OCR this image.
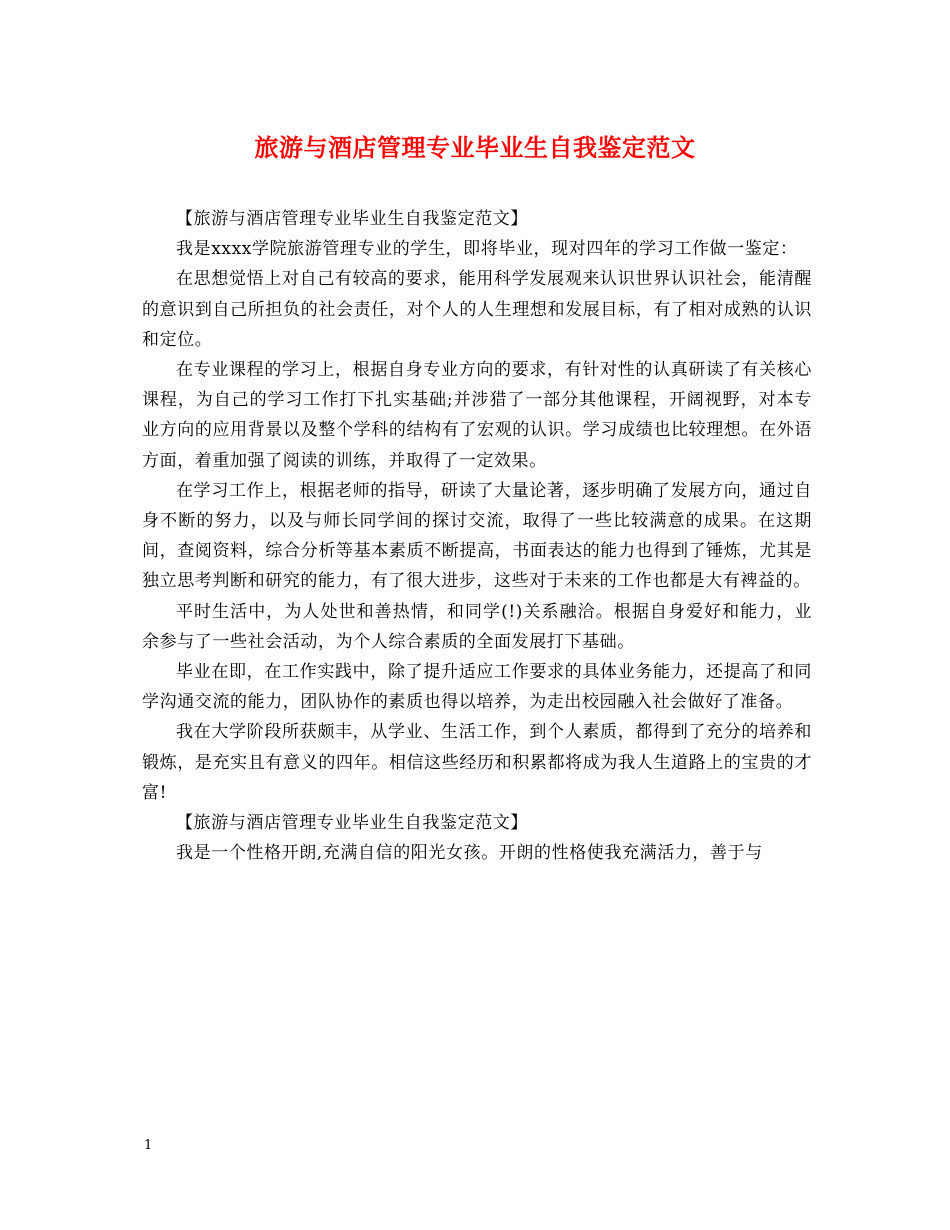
旅游与酒店管理专业毕业生自我鉴定范文

【旅游与酒店管理专业毕业生自我鉴定范文】

我是xxxx学院旅游管理专业的学生，即将毕业，现对四年的学习工作做一鉴定：

在思想觉悟上对自己有较高的要求，能用科学发展观来认识世界认识社会，能清醒的意识到自己所担负的社会责任，对个人的人生理想和发展目标，有了相对成熟的认识和定位。

在专业课程的学习上，根据自身专业方向的要求，有针对性的认真研读了有关核心课程，为自己的学习工作打下扎实基础;并涉猎了一部分其他课程，开阔视野，对本专业方向的应用背景以及整个学科的结构有了宏观的认识。学习成绩也比较理想。在外语方面，着重加强了阅读的训练，并取得了一定效果。

在学习工作上，根据老师的指导，研读了大量论著，逐步明确了发展方向，通过自身不断的努力，以及与师长同学间的探讨交流，取得了一些比较满意的成果。在这期间，查阅资料，综合分析等基本素质不断提高，书面表达的能力也得到了锤炼，尤其是独立思考判断和研究的能力，有了很大进步，这些对于未来的工作也都是大有裨益的。

平时生活中，为人处世和善热情，和同学(!)关系融洽。根据自身爱好和能力，业余参与了一些社会活动，为个人综合素质的全面发展打下基础。

毕业在即，在工作实践中，除了提升适应工作要求的具体业务能力，还提高了和同学沟通交流的能力，团队协作的素质也得以培养，为走出校园融入社会做好了准备。

我在大学阶段所获颇丰，从学业、生活工作，到个人素质，都得到了充分的培养和锻炼，是充实且有意义的四年。相信这些经历和积累都将成为我人生道路上的宝贵的才富!

【旅游与酒店管理专业毕业生自我鉴定范文】

我是一个性格开朗,充满自信的阳光女孩。开朗的性格使我充满活力，善于与

1
